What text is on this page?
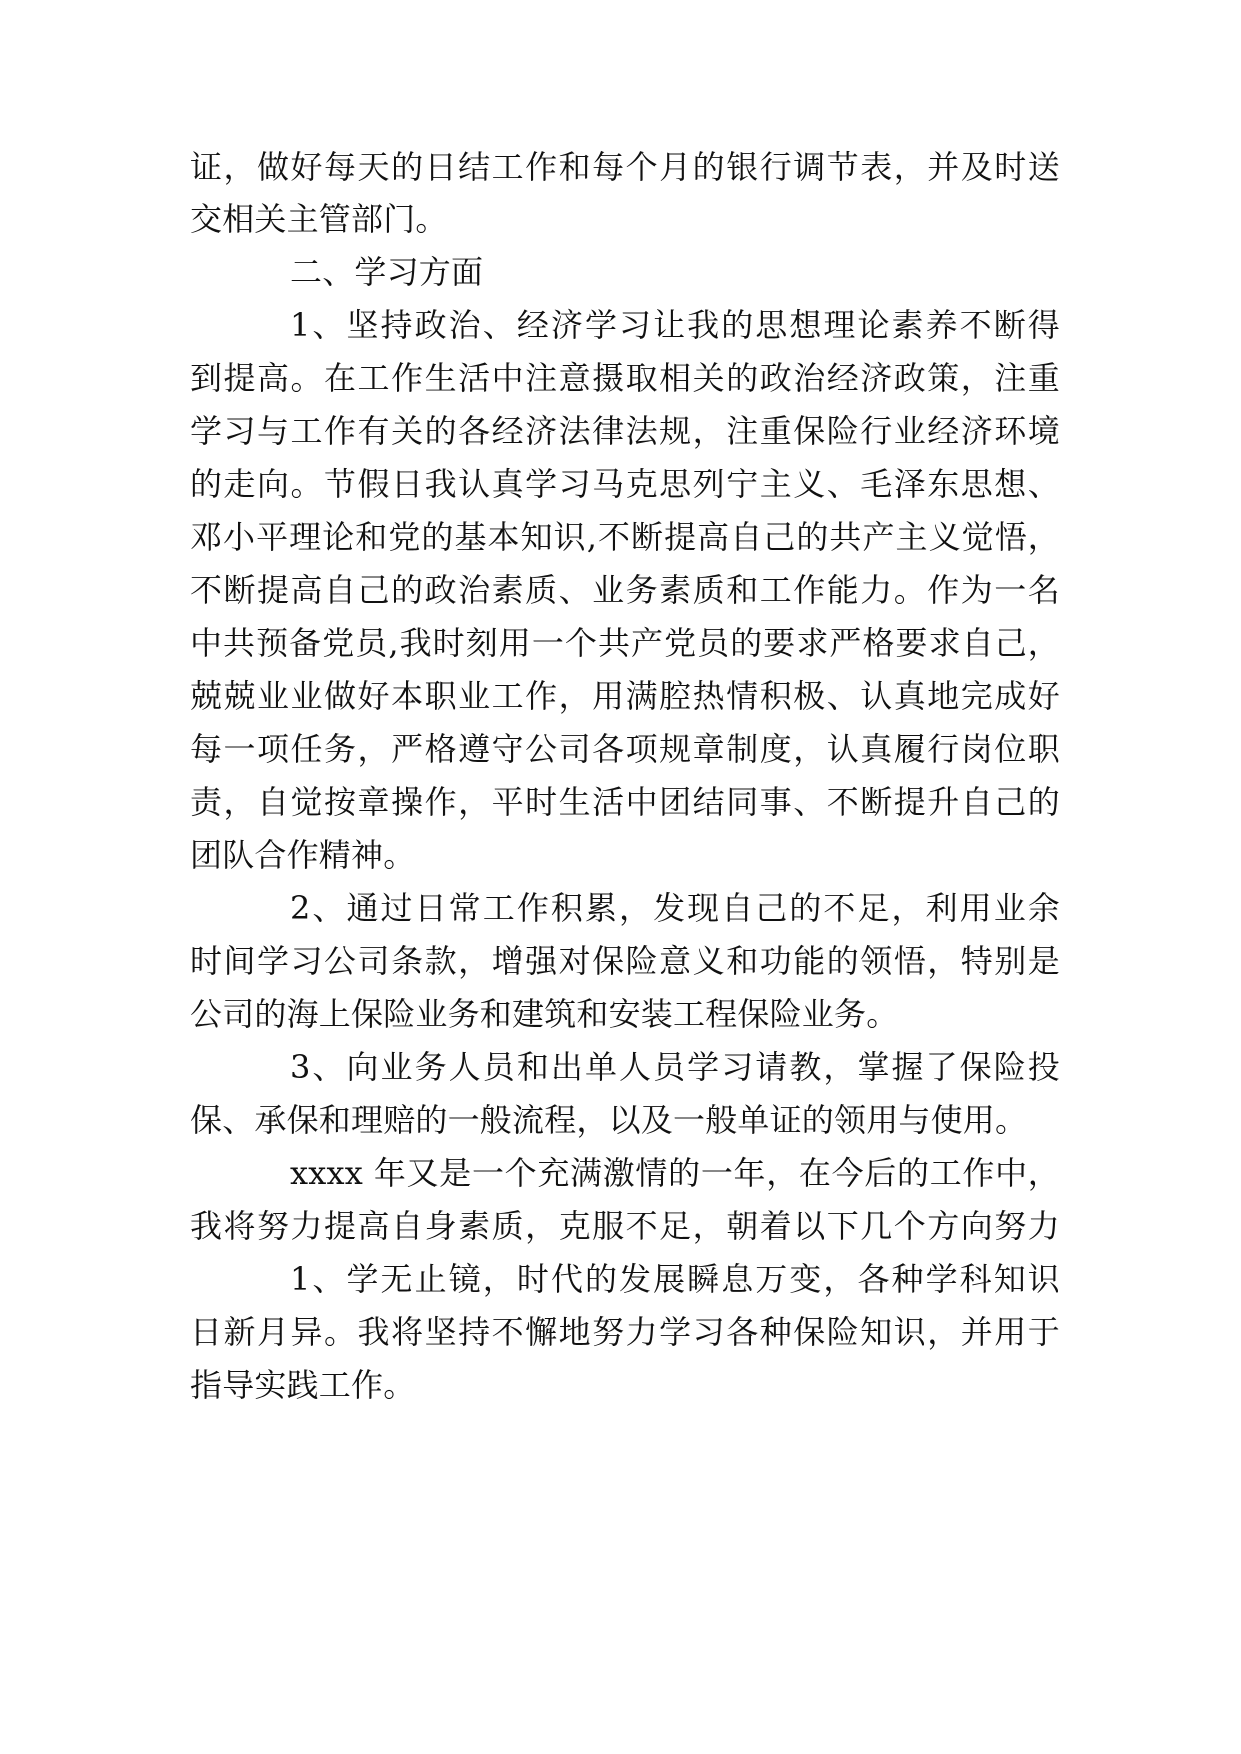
证，做好每天的日结工作和每个月的银行调节表，并及时送
交相关主管部门。
二、学习方面
1、坚持政治、经济学习让我的思想理论素养不断得
到提高。在工作生活中注意摄取相关的政治经济政策，注重
学习与工作有关的各经济法律法规，注重保险行业经济环境
的走向。节假日我认真学习马克思列宁主义、毛泽东思想、
邓小平理论和党的基本知识,不断提高自己的共产主义觉悟，
不断提高自己的政治素质、业务素质和工作能力。作为一名
中共预备党员,我时刻用一个共产党员的要求严格要求自己，
兢兢业业做好本职业工作，用满腔热情积极、认真地完成好
每一项任务，严格遵守公司各项规章制度，认真履行岗位职
责，自觉按章操作，平时生活中团结同事、不断提升自己的
团队合作精神。
2、通过日常工作积累，发现自己的不足，利用业余
时间学习公司条款，增强对保险意义和功能的领悟，特别是
公司的海上保险业务和建筑和安装工程保险业务。
3、向业务人员和出单人员学习请教，掌握了保险投
保、承保和理赔的一般流程，以及一般单证的领用与使用。
xxxx 年又是一个充满激情的一年，在今后的工作中，
我将努力提高自身素质，克服不足，朝着以下几个方向努力
1、学无止镜，时代的发展瞬息万变，各种学科知识
日新月异。我将坚持不懈地努力学习各种保险知识，并用于
指导实践工作。
